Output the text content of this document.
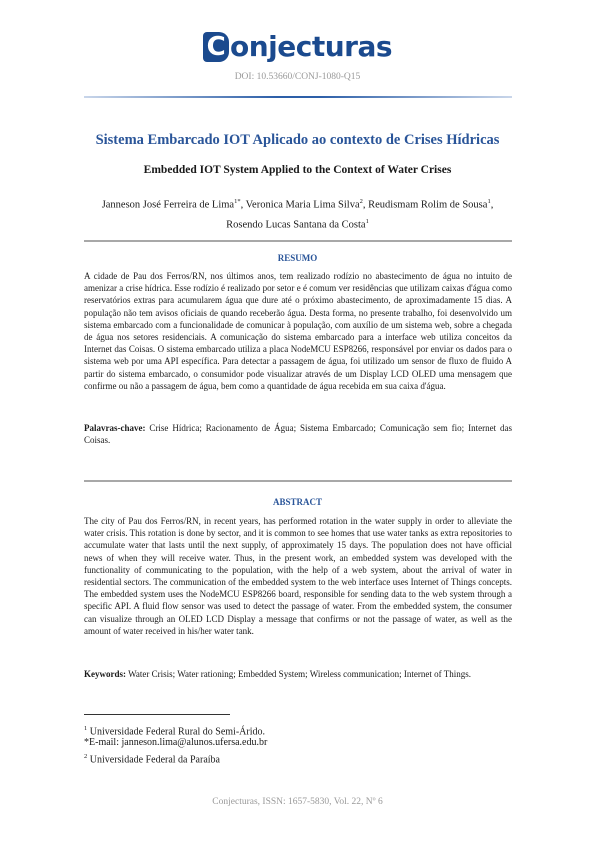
C onjecturas
DOI: 10.53660/CONJ-1080-Q15
Sistema Embarcado IOT Aplicado ao contexto de Crises Hídricas
Embedded IOT System Applied to the Context of Water Crises
Janneson José Ferreira de Lima$^{1*}$, Veronica Maria Lima Silva$^2$, Reudismam Rolim de Sousa$^1$,
Rosendo Lucas Santana da Costa$^1$
RESUMO
A cidade de Pau dos Ferros/RN, nos últimos anos, tem realizado rodízio no abastecimento de água no intuito de amenizar a crise hídrica. Esse rodízio é realizado por setor e é comum ver residências que utilizam caixas d'água como reservatórios extras para acumularem água que dure até o próximo abastecimento, de aproximadamente 15 dias. A população não tem avisos oficiais de quando receberão água. Desta forma, no presente trabalho, foi desenvolvido um sistema embarcado com a funcionalidade de comunicar à população, com auxílio de um sistema web, sobre a chegada de água nos setores residenciais. A comunicação do sistema embarcado para a interface web utiliza conceitos da Internet das Coisas. O sistema embarcado utiliza a placa NodeMCU ESP8266, responsável por enviar os dados para o sistema web por uma API específica. Para detectar a passagem de água, foi utilizado um sensor de fluxo de fluido A partir do sistema embarcado, o consumidor pode visualizar através de um Display LCD OLED uma mensagem que confirme ou não a passagem de água, bem como a quantidade de água recebida em sua caixa d'água.
Palavras-chave: Crise Hídrica; Racionamento de Água; Sistema Embarcado; Comunicação sem fio; Internet das Coisas.
ABSTRACT
The city of Pau dos Ferros/RN, in recent years, has performed rotation in the water supply in order to alleviate the water crisis. This rotation is done by sector, and it is common to see homes that use water tanks as extra repositories to accumulate water that lasts until the next supply, of approximately 15 days. The population does not have official news of when they will receive water. Thus, in the present work, an embedded system was developed with the functionality of communicating to the population, with the help of a web system, about the arrival of water in residential sectors. The communication of the embedded system to the web interface uses Internet of Things concepts. The embedded system uses the NodeMCU ESP8266 board, responsible for sending data to the web system through a specific API. A fluid flow sensor was used to detect the passage of water. From the embedded system, the consumer can visualize through an OLED LCD Display a message that confirms or not the passage of water, as well as the amount of water received in his/her water tank.
Keywords: Water Crisis; Water rationing; Embedded System; Wireless communication; Internet of Things.
$^1$ Universidade Federal Rural do Semi-Árido.
*E-mail: janneson.lima@alunos.ufersa.edu.br
$^2$ Universidade Federal da Paraíba
Conjecturas, ISSN: 1657-5830, Vol. 22, Nº 6
